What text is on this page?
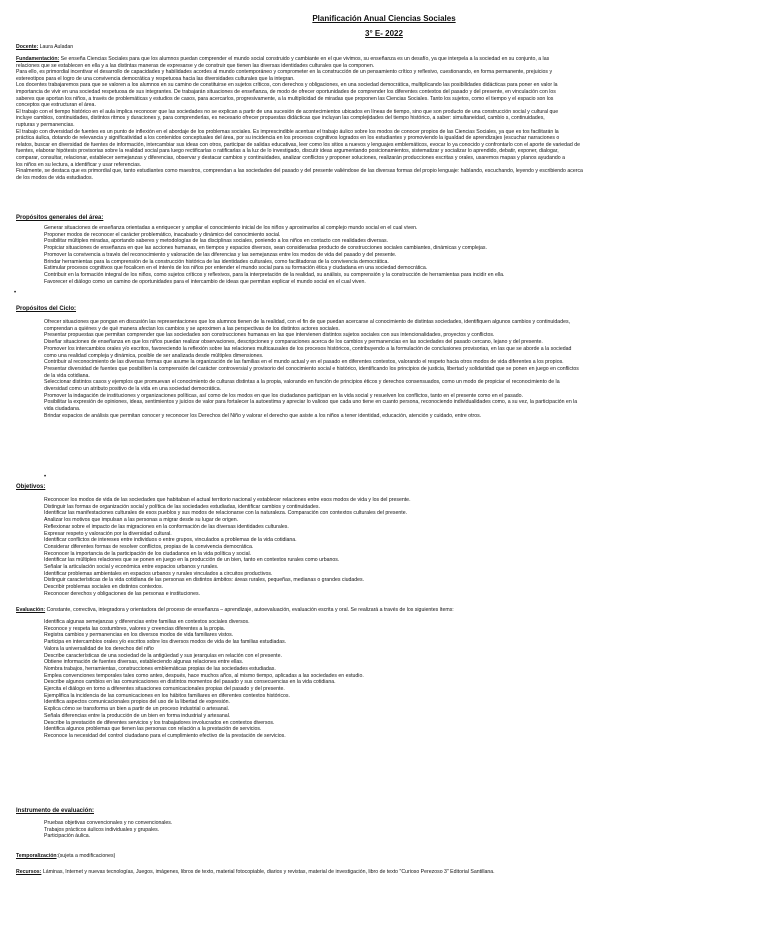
Planificación Anual Ciencias Sociales
3° E- 2022
Docente: Laura Auladan
Fundamentación: Se enseña Ciencias Sociales para que los alumnos puedan comprender el mundo social construido y cambiante en el que vivimos, su enseñanza es un desafío, ya que interpela a la sociedad en su conjunto, a las
relaciones que se establecen en ella y a las distintas maneras de expresarse y de construir que tienen las diversas identidades culturales que la componen.
Para ello, es primordial incentivar el desarrollo de capacidades y habilidades acordes al mundo contemporáneo y comprometer en la construcción de un pensamiento crítico y reflexivo, cuestionando, en forma permanente, prejuicios y
estereotipos para el logro de una convivencia democrática y respetuosa hacia las diversidades culturales que la integran.
Los docentes trabajaremos para que se valoren a los alumnos en su camino de constituirse en sujetos críticos, con derechos y obligaciones, en una sociedad democrática, multiplicando las posibilidades didácticas para poner en valor la
importancia de vivir en una sociedad respetuosa de sus integrantes. De trabajarán situaciones de enseñanza, de modo de ofrecer oportunidades de comprender los diferentes contextos del pasado y del presente, en vinculación con los
saberes que aportan los niños, a través de problemáticas y estudios de casos, para acercarlos, progresivamente, a la multiplicidad de miradas que proponen las Ciencias Sociales. Tanto los sujetos, como el tiempo y el espacio son los
conceptos que estructuran el área.
El trabajo con el tiempo histórico en el aula implica reconocer que las sociedades no se explican a partir de una sucesión de acontecimientos ubicados en líneas de tiempo, sino que son producto de una construcción social y cultural que
incluye cambios, continuidades, distintos ritmos y duraciones y, para comprenderlas, es necesario ofrecer propuestas didácticas que incluyan las complejidades del tiempo histórico, a saber: simultaneidad, cambio s, continuidades,
rupturas y permanencias.
El trabajo con diversidad de fuentes es un punto de inflexión en el abordaje de los problemas sociales. Es imprescindible acentuar el trabajo áulico sobre los modos de conocer propios de las Ciencias Sociales, ya que es tos facilitarán la
práctica áulica, dotando de relevancia y significatividad a los contenidos conceptuales del área, por su incidencia en los procesos cognitivos logrados en los estudiantes y promoviendo la igualdad de aprendizajes (escuchar narraciones o
relatos, buscar en diversidad de fuentes de información, intercambiar sus ideas con otros, participar de salidas educativas, leer como los sitios a nuevos y lenguajes emblemáticos, evocar lo ya conocido y confrontarlo con el aporte de variedad de
fuentes, elaborar hipótesis provisorias sobre la realidad social para luego rectificarlas o ratificarlas a la luz de lo investigado, discutir ideas argumentando posicionamientos, sistematizar y socializar lo aprendido, debatir, exponer, dialogar,
comparar, consultar, relacionar, establecer semejanzas y diferencias, observar y destacar cambios y continuidades, analizar conflictos y proponer soluciones, realizarán producciones escritas y orales, usaremos mapas y planos ayudando a
los niños en su lectura, a identificar y usar referencias.
Finalmente, se destaca que es primordial que, tanto estudiantes como maestros, comprendan a las sociedades del pasado y del presente valiéndose de las diversas formas del propio lenguaje: hablando, escuchando, leyendo y escribiendo acerca
de los modos de vida estudiados.
Propósitos generales del área:
▪ Generar situaciones de enseñanza orientadas a enriquecer y ampliar el conocimiento inicial de los niños y aproximarlos al complejo mundo social en el cual viven.
▪ Proponer modos de reconocer el carácter problemático, inacabado y dinámico del conocimiento social.
▪ Posibilitar múltiples miradas, aportando saberes y metodologías de las disciplinas sociales, poniendo a los niños en contacto con realidades diversas.
▪ Propiciar situaciones de enseñanza en que las acciones humanas, en tiempos y espacios diversos, sean consideradas producto de construcciones sociales cambiantes, dinámicas y complejas.
▪ Promover la convivencia a través del reconocimiento y valoración de las diferencias y las semejanzas entre los modos de vida del pasado y del presente.
▪ Brindar herramientas para la comprensión de la construcción histórica de las identidades culturales, como facilitadoras de la convivencia democrática.
▪ Estimular procesos cognitivos que focalicen en el interés de los niños por entender el mundo social para su formación ética y ciudadana en una sociedad democrática.
▪ Contribuir en la formación integral de los niños, como sujetos críticos y reflexivos, para la interpretación de la realidad, su análisis, su comprensión y la construcción de herramientas para incidir en ella.
▪ Favorecer el diálogo como un camino de oportunidades para el intercambio de ideas que permitan explicar el mundo social en el cual viven.
•
Propósitos del Ciclo:
• Ofrecer situaciones que pongan en discusión las representaciones que los alumnos tienen de la realidad, con el fin de que puedan acercarse al conocimiento de distintas sociedades, identifiquen algunos cambios y continuidades,
• comprendan a quiénes y de qué manera afectan los cambios y se aproximen a las perspectivas de los distintos actores sociales.
• Presentar propuestas que permitan comprender que las sociedades son construcciones humanas en las que intervienen distintos sujetos sociales con sus intencionalidades, proyectos y conflictos.
• Diseñar situaciones de enseñanza en que los niños puedan realizar observaciones, descripciones y comparaciones acerca de los cambios y permanencias en las sociedades del pasado cercano, lejano y del presente.
• Promover los intercambios orales y/o escritos, favoreciendo la reflexión sobre las relaciones multicausales de los procesos históricos, contribuyendo a la formulación de conclusiones provisorias, en las que se aborde a la sociedad
• como una realidad compleja y dinámica, posible de ser analizada desde múltiples dimensiones.
• Contribuir al reconocimiento de las diversas formas que asume la organización de las familias en el mundo actual y en el pasado en diferentes contextos, valorando el respeto hacia otros modos de vida diferentes a los propios.
• Presentar diversidad de fuentes que posibiliten la comprensión del carácter controversial y provisorio del conocimiento social e histórico, identificando los principios de justicia, libertad y solidaridad que se ponen en juego en conflictos
• de la vida cotidiana.
• Seleccionar distintos casos y ejemplos que promuevan el conocimiento de culturas distintas a la propia, valorando en función de principios éticos y derechos consensuados, como un modo de propiciar el reconocimiento de la
• diversidad como un atributo positivo de la vida en una sociedad democrática.
• Promover la indagación de instituciones y organizaciones políticas, así como de los modos en que los ciudadanos participan en la vida social y resuelven los conflictos, tanto en el presente como en el pasado.
• Posibilitar la expresión de opiniones, ideas, sentimientos y juicios de valor para fortalecer la autoestima y apreciar lo valioso que cada uno tiene en cuanto persona, reconociendo individualidades como, a su vez, la participación en la
• vida ciudadana.
• Brindar espacios de análisis que permitan conocer y reconocer los Derechos del Niño y valorar el derecho que asiste a los niños a tener identidad, educación, atención y cuidado, entre otros.
•
Objetivos:
• Reconocer los modos de vida de las sociedades que habitaban el actual territorio nacional y establecer relaciones entre esos modos de vida y los del presente.
• Distinguir las formas de organización social y política de las sociedades estudiadas, identificar cambios y continuidades.
• Identificar las manifestaciones culturales de esos pueblos y sus modos de relacionarse con la naturaleza. Comparación con contextos culturales del presente.
• Analizar los motivos que impulsan a las personas a migrar desde su lugar de origen.
• Reflexionar sobre el impacto de las migraciones en la conformación de las diversas identidades culturales.
• Expresar respeto y valoración por la diversidad cultural.
• Identificar conflictos de intereses entre individuos o entre grupos, vinculados a problemas de la vida cotidiana.
• Considerar diferentes formas de resolver conflictos, propias de la convivencia democrática.
• Reconocer la importancia de la participación de los ciudadanos en la vida política y social.
• Identificar las múltiples relaciones que se ponen en juego en la producción de un bien, tanto en contextos rurales como urbanos.
• Señalar la articulación social y económica entre espacios urbanos y rurales.
• Identificar problemas ambientales en espacios urbanos y rurales vinculados a circuitos productivos.
• Distinguir características de la vida cotidiana de las personas en distintos ámbitos: áreas rurales, pequeñas, medianas o grandes ciudades.
• Describir problemas sociales en distintos contextos.
• Reconocer derechos y obligaciones de las personas e instituciones.
Evaluación: Constante, correctiva, integradora y orientadora del proceso de enseñanza – aprendizaje, autoevaluación, evaluación escrita y oral. Se realizará a través de los siguientes ítems:
• Identifica algunas semejanzas y diferencias entre familias en contextos sociales diversos.
• Reconoce y respeta las costumbres, valores y creencias diferentes a la propia.
• Registra cambios y permanencias en los diversos modos de vida familiares vistos.
• Participa en intercambios orales y/o escritos sobre los diversos modos de vida de las familias estudiadas.
• Valora la universalidad de los derechos del niño
• Describe características de una sociedad de la antigüedad y sus jerarquías en relación con el presente.
• Obtiene información de fuentes diversas, estableciendo algunas relaciones entre ellas.
• Nombra trabajos, herramientas, construcciones emblemáticas propias de las sociedades estudiadas.
• Emplea convenciones temporales tales como antes, después, hace muchos años, al mismo tiempo, aplicadas a las sociedades en estudio.
• Describe algunos cambios en las comunicaciones en distintos momentos del pasado y sus consecuencias en la vida cotidiana.
• Ejercita el diálogo en torno a diferentes situaciones comunicacionales propias del pasado y del presente.
• Ejemplifica la incidencia de las comunicaciones en los hábitos familiares en diferentes contextos históricos.
• Identifica aspectos comunicacionales propios del uso de la libertad de expresión.
• Explica cómo se transforma un bien a partir de un proceso industrial o artesanal.
• Señala diferencias entre la producción de un bien en forma industrial y artesanal.
• Describe la prestación de diferentes servicios y los trabajadores involucrados en contextos diversos.
• Identifica algunos problemas que tienen las personas con relación a la prestación de servicios.
• Reconoce la necesidad del control ciudadano para el cumplimiento efectivo de la prestación de servicios.
Instrumento de evaluación:
• Pruebas objetivas convencionales y no convencionales.
• Trabajos prácticos áulicos individuales y grupales.
• Participación áulica.
Temporalización:(sujeta a modificaciones)
Recursos: Láminas, Internet y nuevas tecnologías, Juegos, imágenes, libros de texto, material fotocopiable, diarios y revistas, material de investigación, libro de texto "Curioso Perezoso 3" Editorial Santillana.
